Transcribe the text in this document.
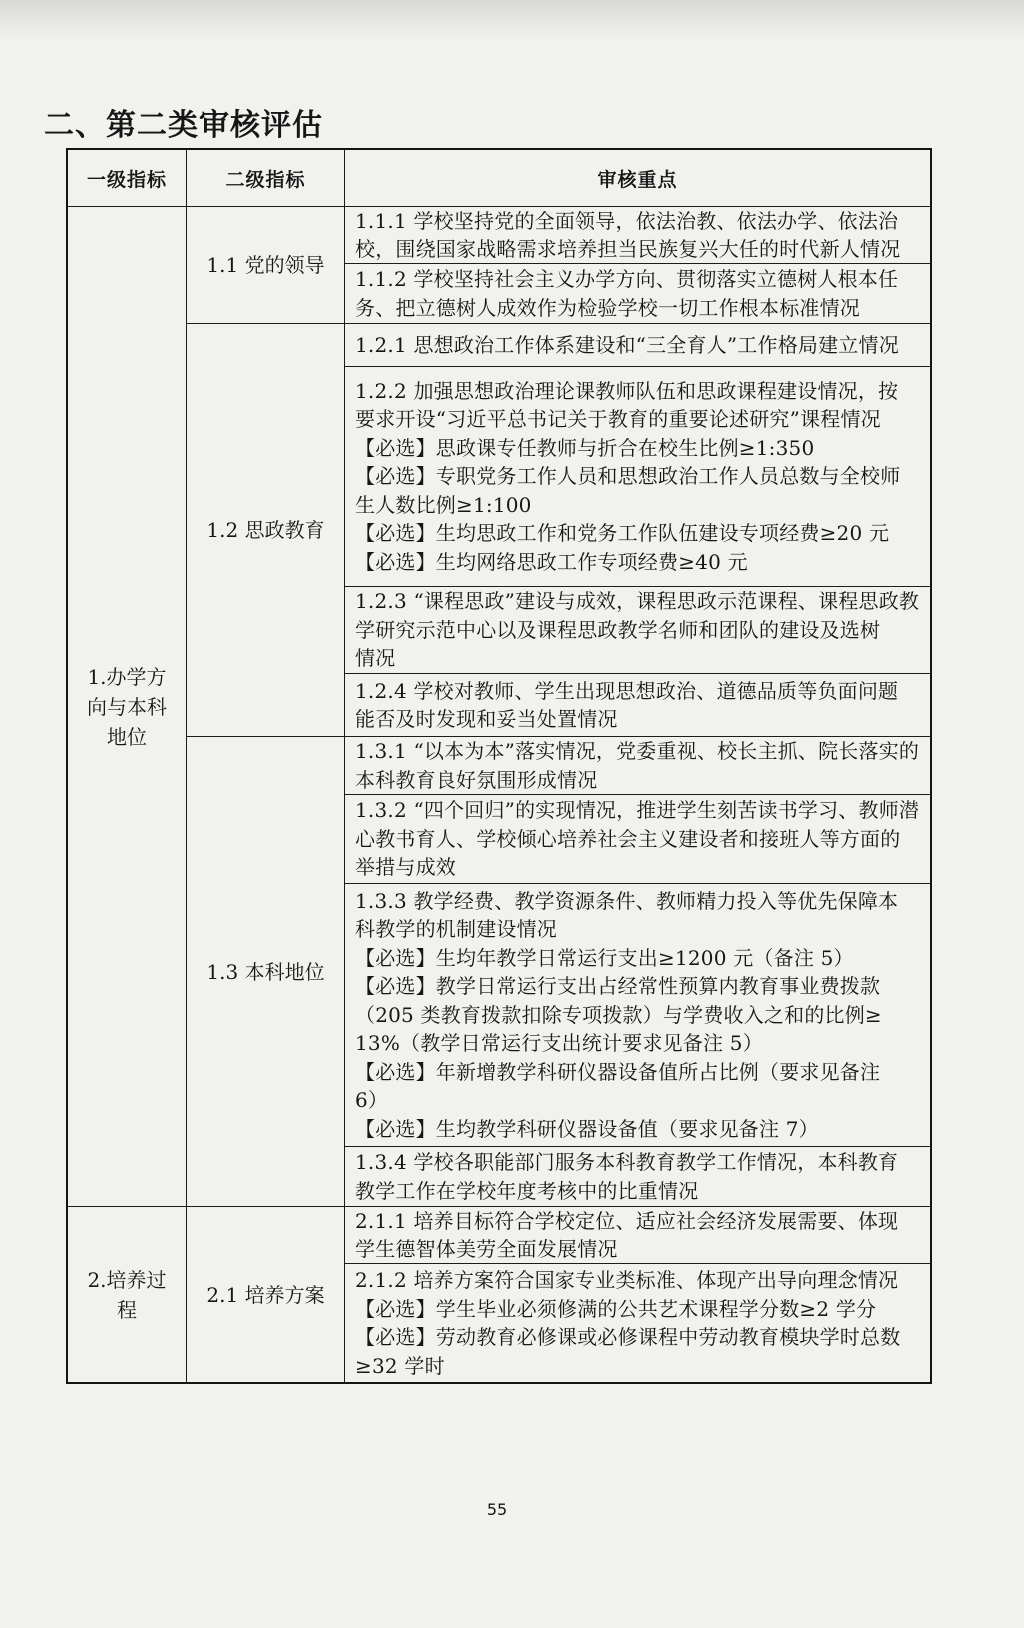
二、第二类审核评估
一级指标	二级指标	审核重点
1.办学方
向与本科
地位
2.培养过
程
1.1 党的领导
1.2 思政教育
1.3 本科地位
2.1 培养方案
1.1.1 学校坚持党的全面领导，依法治教、依法办学、依法治
校，围绕国家战略需求培养担当民族复兴大任的时代新人情况
1.1.2 学校坚持社会主义办学方向、贯彻落实立德树人根本任
务、把立德树人成效作为检验学校一切工作根本标准情况
1.2.1 思想政治工作体系建设和“三全育人”工作格局建立情况
1.2.2 加强思想政治理论课教师队伍和思政课程建设情况，按
要求开设“习近平总书记关于教育的重要论述研究”课程情况
【必选】思政课专任教师与折合在校生比例≥1:350
【必选】专职党务工作人员和思想政治工作人员总数与全校师
生人数比例≥1:100
【必选】生均思政工作和党务工作队伍建设专项经费≥20 元
【必选】生均网络思政工作专项经费≥40 元
1.2.3 “课程思政”建设与成效，课程思政示范课程、课程思政教
学研究示范中心以及课程思政教学名师和团队的建设及选树
情况
1.2.4 学校对教师、学生出现思想政治、道德品质等负面问题
能否及时发现和妥当处置情况
1.3.1 “以本为本”落实情况，党委重视、校长主抓、院长落实的
本科教育良好氛围形成情况
1.3.2 “四个回归”的实现情况，推进学生刻苦读书学习、教师潜
心教书育人、学校倾心培养社会主义建设者和接班人等方面的
举措与成效
1.3.3 教学经费、教学资源条件、教师精力投入等优先保障本
科教学的机制建设情况
【必选】生均年教学日常运行支出≥1200 元（备注 5）
【必选】教学日常运行支出占经常性预算内教育事业费拨款
（205 类教育拨款扣除专项拨款）与学费收入之和的比例≥
13%（教学日常运行支出统计要求见备注 5）
【必选】年新增教学科研仪器设备值所占比例（要求见备注
6）
【必选】生均教学科研仪器设备值（要求见备注 7）
1.3.4 学校各职能部门服务本科教育教学工作情况，本科教育
教学工作在学校年度考核中的比重情况
2.1.1 培养目标符合学校定位、适应社会经济发展需要、体现
学生德智体美劳全面发展情况
2.1.2 培养方案符合国家专业类标准、体现产出导向理念情况
【必选】学生毕业必须修满的公共艺术课程学分数≥2 学分
【必选】劳动教育必修课或必修课程中劳动教育模块学时总数
≥32 学时
55
